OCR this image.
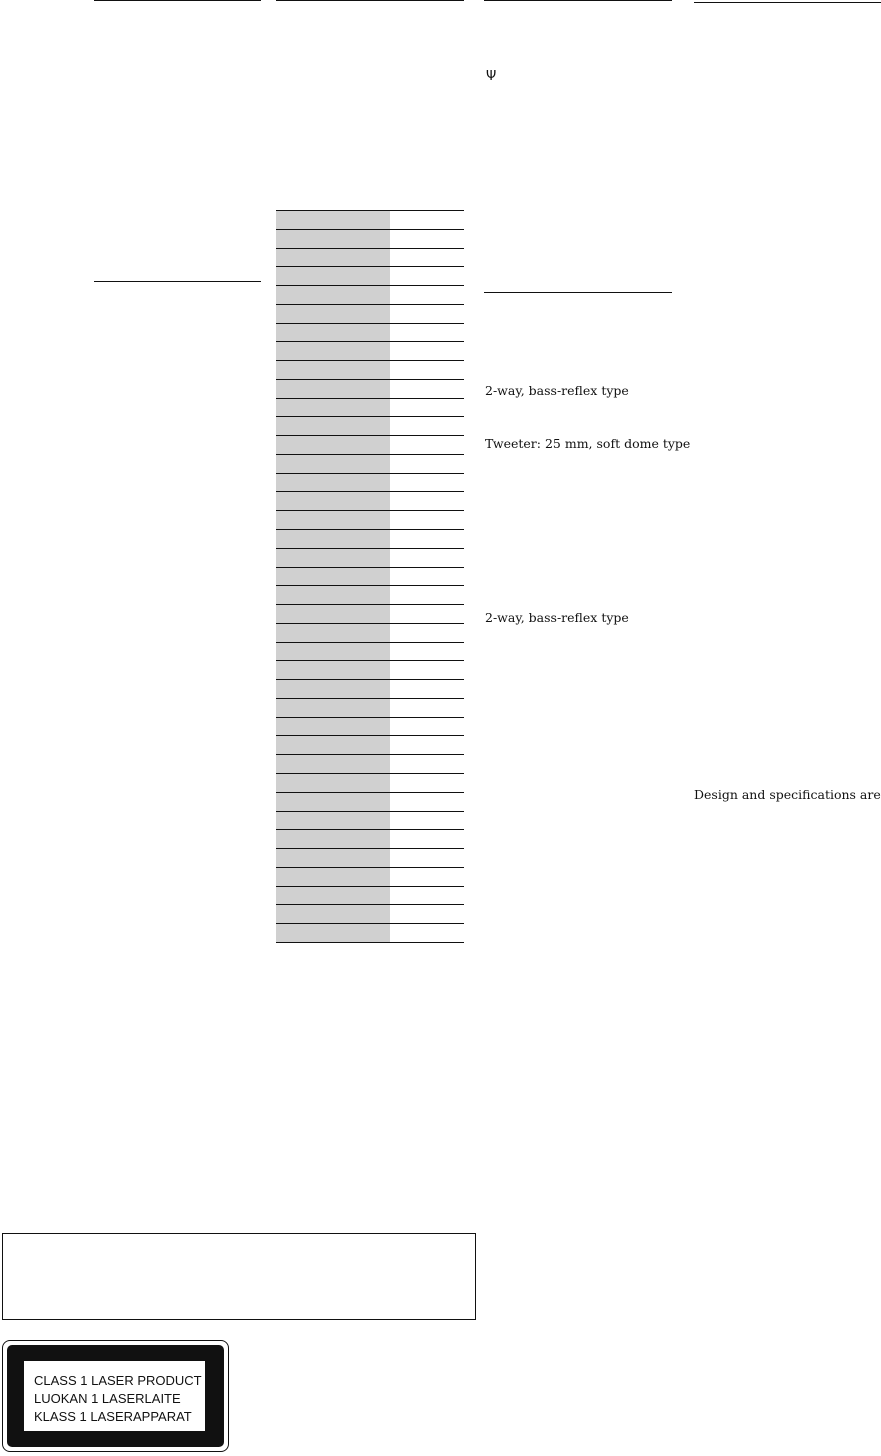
Ψ
2-way, bass-reflex type
Tweeter: 25 mm, soft dome type
2-way, bass-reflex type
Design and specifications are

CLASS 1 LASER PRODUCT
LUOKAN 1 LASERLAITE
KLASS 1 LASERAPPARAT
